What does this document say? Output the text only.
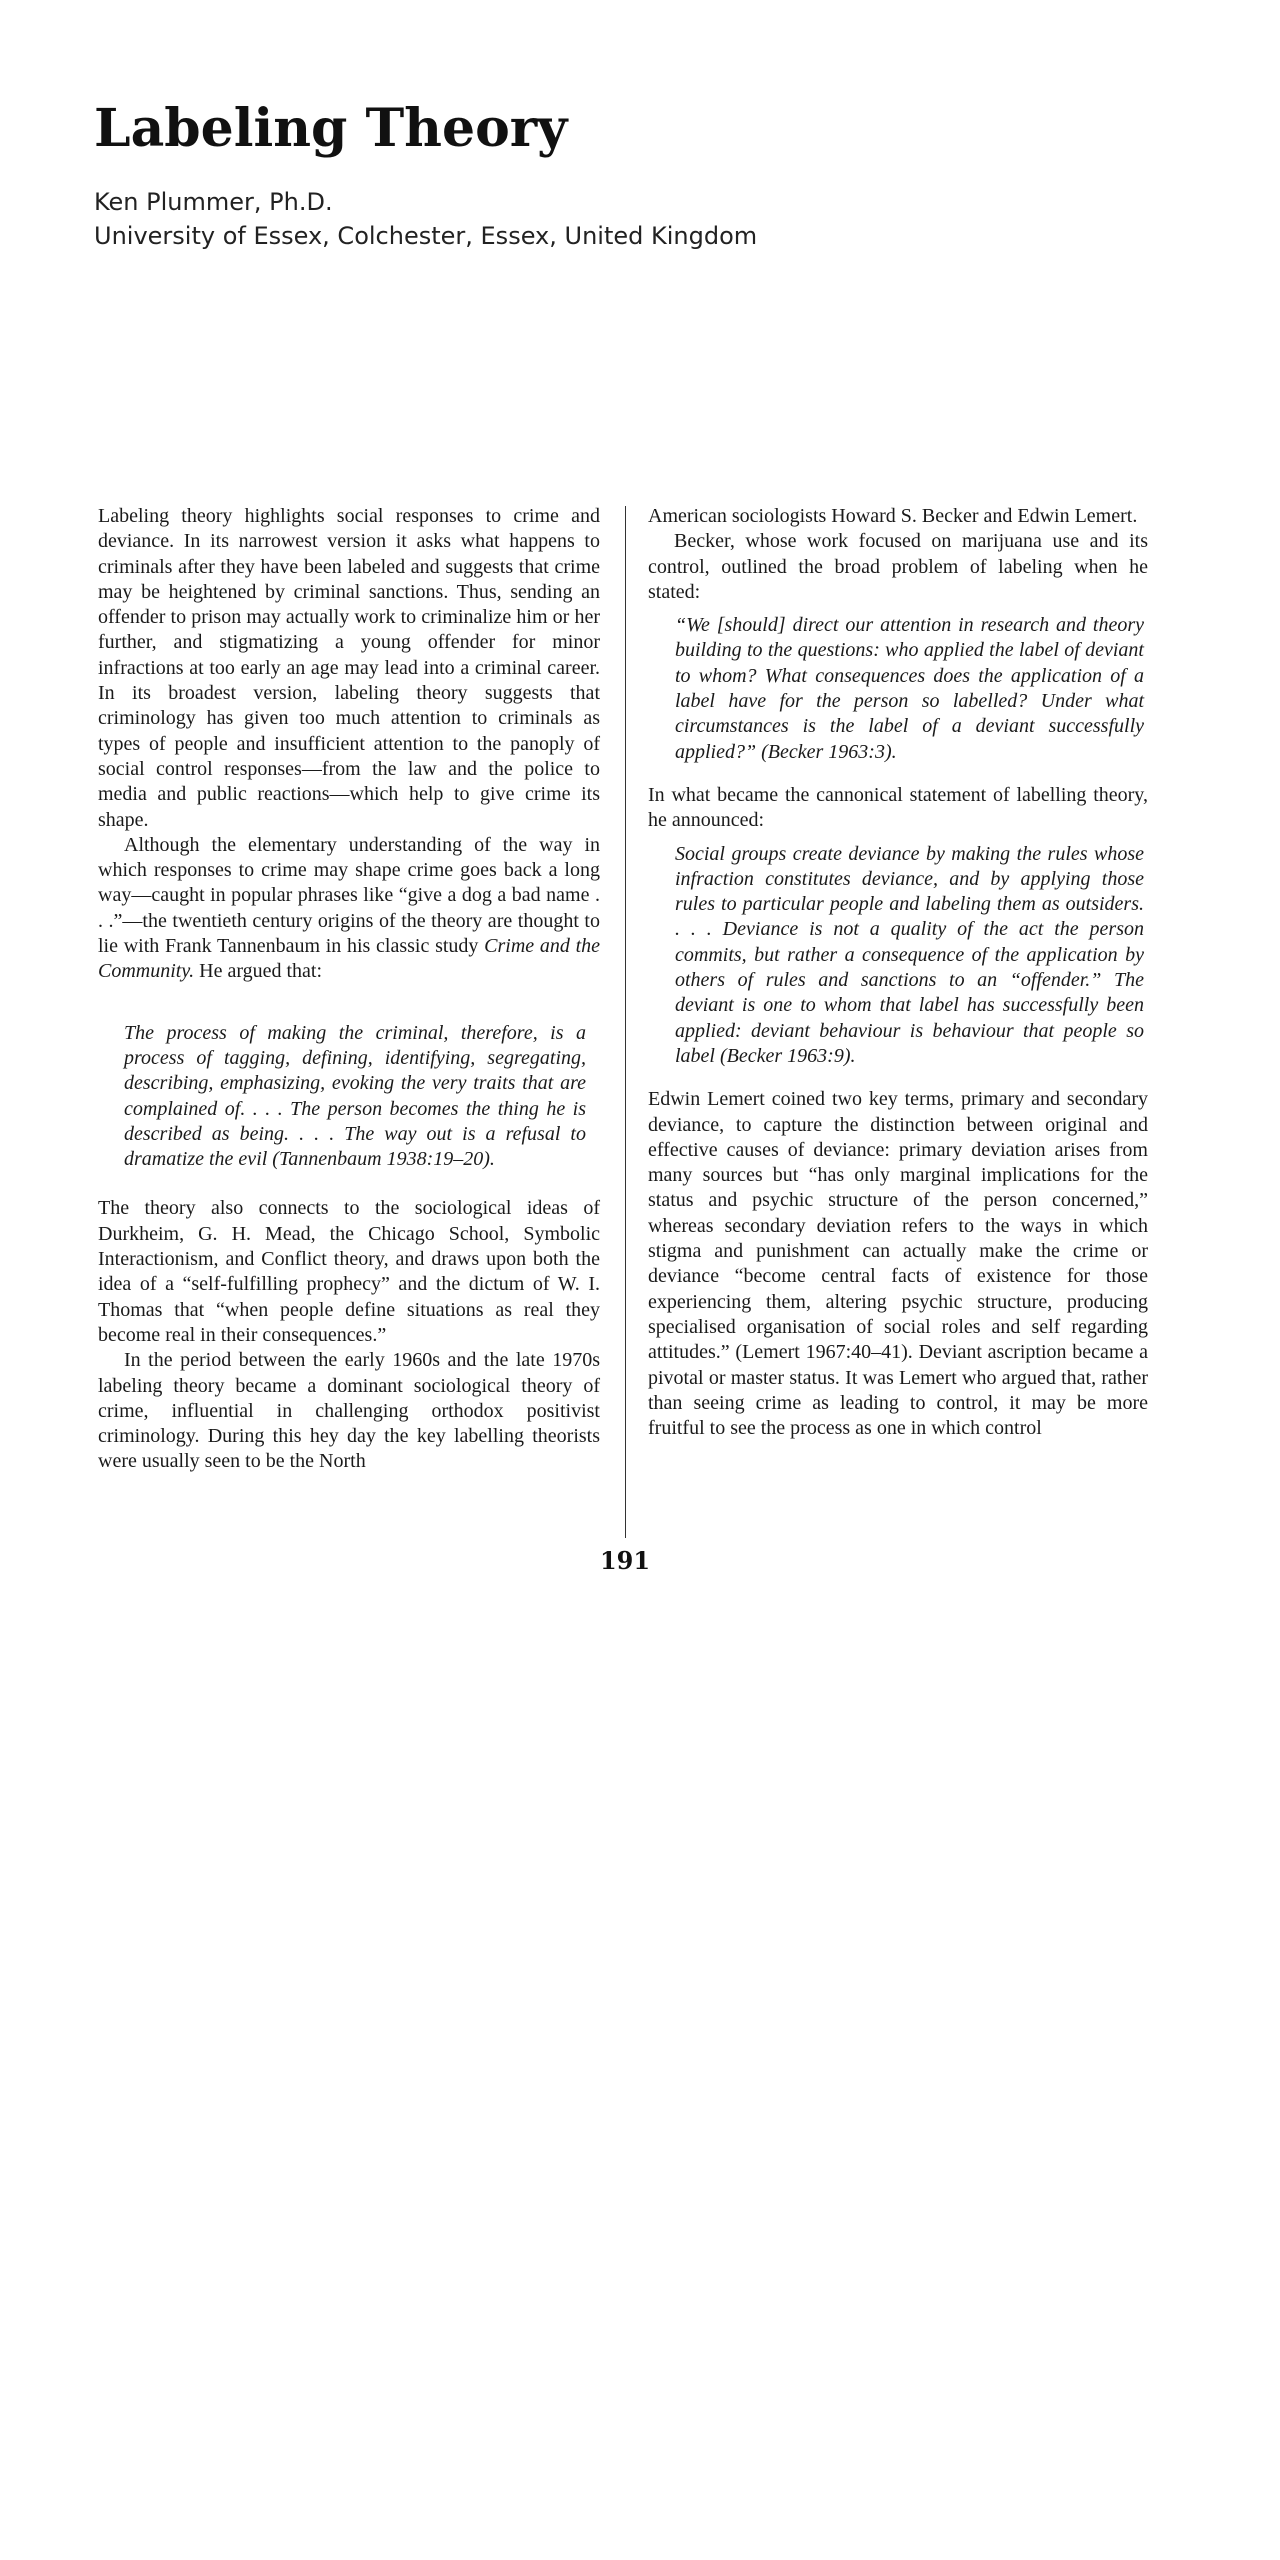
Labeling Theory

Ken Plummer, Ph.D.

University of Essex, Colchester, Essex, United Kingdom

Labeling theory highlights social responses to crime and deviance. In its narrowest version it asks what happens to criminals after they have been labeled and suggests that crime may be heightened by criminal sanctions. Thus, sending an offender to prison may actually work to criminalize him or her further, and stigmatizing a young offender for minor infractions at too early an age may lead into a criminal career. In its broadest version, labeling theory suggests that criminology has given too much attention to criminals as types of people and insufficient attention to the panoply of social control responses—from the law and the police to media and public reactions—which help to give crime its shape.

Although the elementary understanding of the way in which responses to crime may shape crime goes back a long way—caught in popular phrases like “give a dog a bad name . . .”—the twentieth century origins of the theory are thought to lie with Frank Tannenbaum in his classic study Crime and the Community. He argued that:

The process of making the criminal, therefore, is a process of tagging, defining, identifying, segregating, describing, emphasizing, evoking the very traits that are complained of. . . . The person becomes the thing he is described as being. . . . The way out is a refusal to dramatize the evil (Tannenbaum 1938:19–20).

The theory also connects to the sociological ideas of Durkheim, G. H. Mead, the Chicago School, Symbolic Interactionism, and Conflict theory, and draws upon both the idea of a “self-fulfilling prophecy” and the dictum of W. I. Thomas that “when people define situations as real they become real in their consequences.”

In the period between the early 1960s and the late 1970s labeling theory became a dominant sociological theory of crime, influential in challenging orthodox positivist criminology. During this hey day the key labelling theorists were usually seen to be the North

American sociologists Howard S. Becker and Edwin Lemert.

Becker, whose work focused on marijuana use and its control, outlined the broad problem of labeling when he stated:

“We [should] direct our attention in research and theory building to the questions: who applied the label of deviant to whom? What consequences does the application of a label have for the person so labelled? Under what circumstances is the label of a deviant successfully applied?” (Becker 1963:3).

In what became the cannonical statement of labelling theory, he announced:

Social groups create deviance by making the rules whose infraction constitutes deviance, and by applying those rules to particular people and labeling them as outsiders. . . . Deviance is not a quality of the act the person commits, but rather a consequence of the application by others of rules and sanctions to an “offender.” The deviant is one to whom that label has successfully been applied: deviant behaviour is behaviour that people so label (Becker 1963:9).

Edwin Lemert coined two key terms, primary and secondary deviance, to capture the distinction between original and effective causes of deviance: primary deviation arises from many sources but “has only marginal implications for the status and psychic structure of the person concerned,” whereas secondary deviation refers to the ways in which stigma and punishment can actually make the crime or deviance “become central facts of existence for those experiencing them, altering psychic structure, producing specialised organisation of social roles and self regarding attitudes.” (Lemert 1967:40–41). Deviant ascription became a pivotal or master status. It was Lemert who argued that, rather than seeing crime as leading to control, it may be more fruitful to see the process as one in which control

191
